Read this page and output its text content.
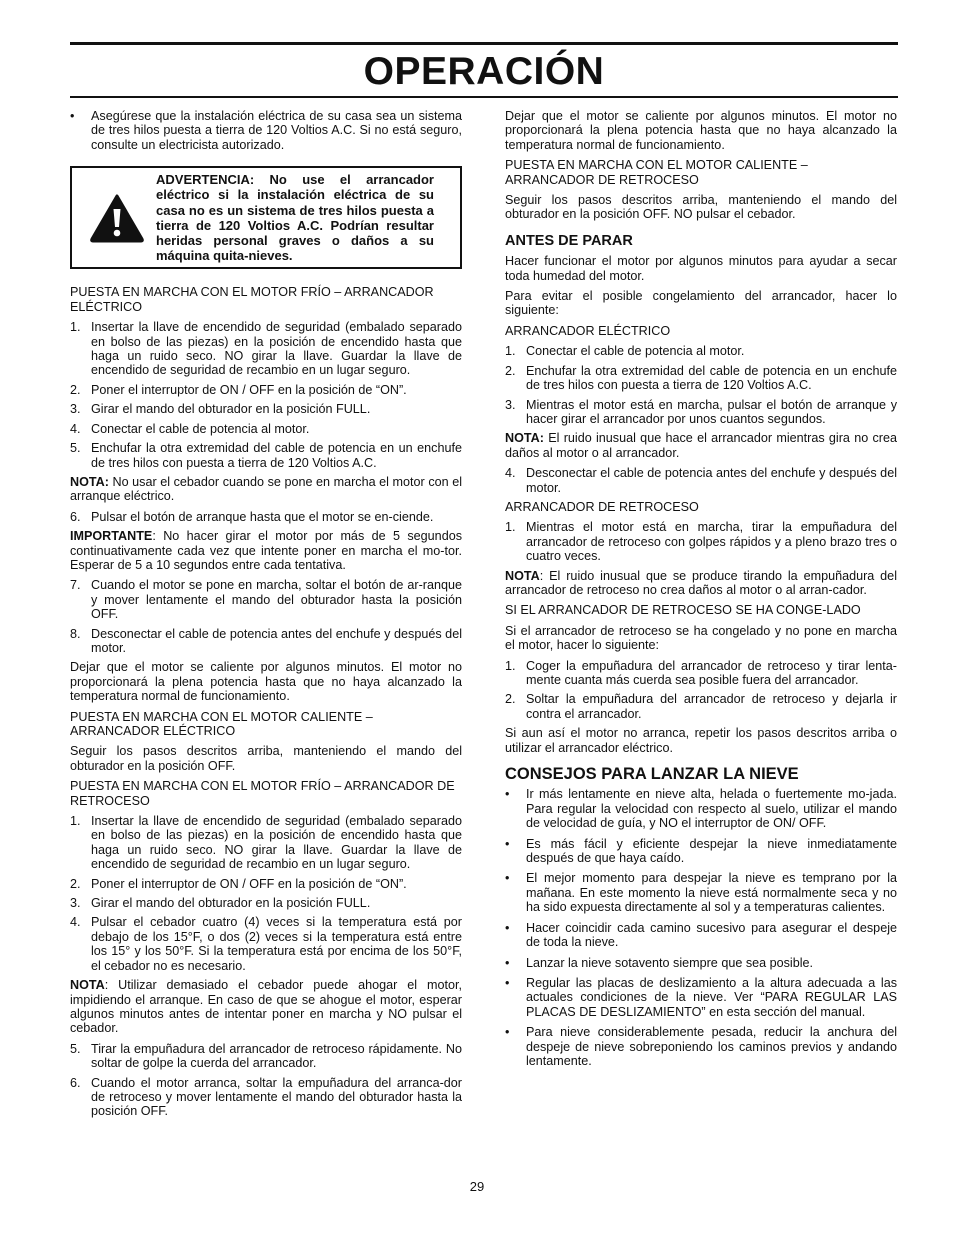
OPERACIÓN
•	Asegúrese que la instalación eléctrica de su casa sea un sistema de tres hilos puesta a tierra de 120 Voltios A.C. Si no está seguro, consulte un electricista autorizado.
ADVERTENCIA: No use el arrancador eléctrico si la instalación eléctrica de su casa no es un sistema de tres hilos puesta a tierra de 120 Voltios A.C. Podrían resultar heridas personal graves o daños a su máquina quita-nieves.
PUESTA EN MARCHA CON EL MOTOR FRÍO – ARRANCADOR ELÉCTRICO
1. Insertar la llave de encendido de seguridad (embalado separado en bolso de las piezas) en la posición de encendido hasta que haga un ruido seco. NO girar la llave. Guardar la llave de encendido de seguridad de recambio en un lugar seguro.
2. Poner el interruptor de ON / OFF en la posición de “ON”.
3. Girar el mando del obturador en la posición FULL.
4. Conectar el cable de potencia al motor.
5. Enchufar la otra extremidad del cable de potencia en un enchufe de tres hilos con puesta a tierra de 120 Voltios A.C.

NOTA: No usar el cebador cuando se pone en marcha el motor con el arranque eléctrico.

6. Pulsar el botón de arranque hasta que el motor se en-ciende.

IMPORTANTE: No hacer girar el motor por más de 5 segundos continuativamente cada vez que intente poner en marcha el mo-tor. Esperar de 5 a 10 segundos entre cada tentativa.

7. Cuando el motor se pone en marcha, soltar el botón de ar-ranque y mover lentamente el mando del obturador hasta la posición OFF.
8. Desconectar el cable de potencia antes del enchufe y después del motor.

Dejar que el motor se caliente por algunos minutos. El motor no proporcionará la plena potencia hasta que no haya alcanzado la temperatura normal de funcionamiento.

PUESTA EN MARCHA CON EL MOTOR CALIENTE – ARRANCADOR ELÉCTRICO

Seguir los pasos descritos arriba, manteniendo el mando del obturador en la posición OFF.

PUESTA EN MARCHA CON EL MOTOR FRÍO – ARRANCADOR DE RETROCESO
1. Insertar la llave de encendido de seguridad (embalado separado en bolso de las piezas) en la posición de encendido hasta que haga un ruido seco. NO girar la llave. Guardar la llave de encendido de seguridad de recambio en un lugar seguro.
2. Poner el interruptor de ON / OFF en la posición de “ON”.
3. Girar el mando del obturador en la posición FULL.
4. Pulsar el cebador cuatro (4) veces si la temperatura está por debajo de los 15°F, o dos (2) veces si la temperatura está entre los 15° y los 50°F. Si la temperatura está por encima de los 50°F, el cebador no es necesario.

NOTA: Utilizar demasiado el cebador puede ahogar el motor, impidiendo el arranque. En caso de que se ahogue el motor, esperar algunos minutos antes de intentar poner en marcha y NO pulsar el cebador.

5. Tirar la empuñadura del arrancador de retroceso rápidamente. No soltar de golpe la cuerda del arrancador.
6. Cuando el motor arranca, soltar la empuñadura del arranca-dor de retroceso y mover lentamente el mando del obturador hasta la posición OFF.

Dejar que el motor se caliente por algunos minutos. El motor no proporcionará la plena potencia hasta que no haya alcanzado la temperatura normal de funcionamiento.

PUESTA EN MARCHA CON EL MOTOR CALIENTE – ARRANCADOR DE RETROCESO

Seguir los pasos descritos arriba, manteniendo el mando del obturador en la posición OFF. NO pulsar el cebador.

ANTES DE PARAR

Hacer funcionar el motor por algunos minutos para ayudar a secar toda humedad del motor.

Para evitar el posible congelamiento del arrancador, hacer lo siguiente:

ARRANCADOR ELÉCTRICO
1. Conectar el cable de potencia al motor.
2. Enchufar la otra extremidad del cable de potencia en un enchufe de tres hilos con puesta a tierra de 120 Voltios A.C.
3. Mientras el motor está en marcha, pulsar el botón de arranque y hacer girar el arrancador por unos cuantos segundos.

NOTA: El ruido inusual que hace el arrancador mientras gira no crea daños al motor o al arrancador.

4. Desconectar el cable de potencia antes del enchufe y después del motor.
ARRANCADOR DE RETROCESO
1. Mientras el motor está en marcha, tirar la empuñadura del arrancador de retroceso con golpes rápidos y a pleno brazo tres o cuatro veces.

NOTA: El ruido inusual que se produce tirando la empuñadura del arrancador de retroceso no crea daños al motor o al arran-cador.

SI EL ARRANCADOR DE RETROCESO SE HA CONGE-LADO

Si el arrancador de retroceso se ha congelado y no pone en marcha el motor, hacer lo siguiente:

1. Coger la empuñadura del arrancador de retroceso y tirar lenta-mente cuanta más cuerda sea posible fuera del arrancador.
2. Soltar la empuñadura del arrancador de retroceso y dejarla ir contra el arrancador.

Si aun así el motor no arranca, repetir los pasos descritos arriba o utilizar el arrancador eléctrico.

CONSEJOS PARA LANZAR LA NIEVE
•	Ir más lentamente en nieve alta, helada o fuertemente mo-jada. Para regular la velocidad con respecto al suelo, utilizar el mando de velocidad de guía, y NO el interruptor de ON/ OFF.
•	Es más fácil y eficiente despejar la nieve inmediatamente después de que haya caído.
•	El mejor momento para despejar la nieve es temprano por la mañana. En este momento la nieve está normalmente seca y no ha sido expuesta directamente al sol y a temperaturas calientes.
•	Hacer coincidir cada camino sucesivo para asegurar el despeje de toda la nieve.
•	Lanzar la nieve sotavento siempre que sea posible.
•	Regular las placas de deslizamiento a la altura adecuada a las actuales condiciones de la nieve. Ver “PARA REGULAR LAS PLACAS DE DESLIZAMIENTO” en esta sección del manual.
•	Para nieve considerablemente pesada, reducir la anchura del despeje de nieve sobreponiendo los caminos previos y andando lentamente.
29
